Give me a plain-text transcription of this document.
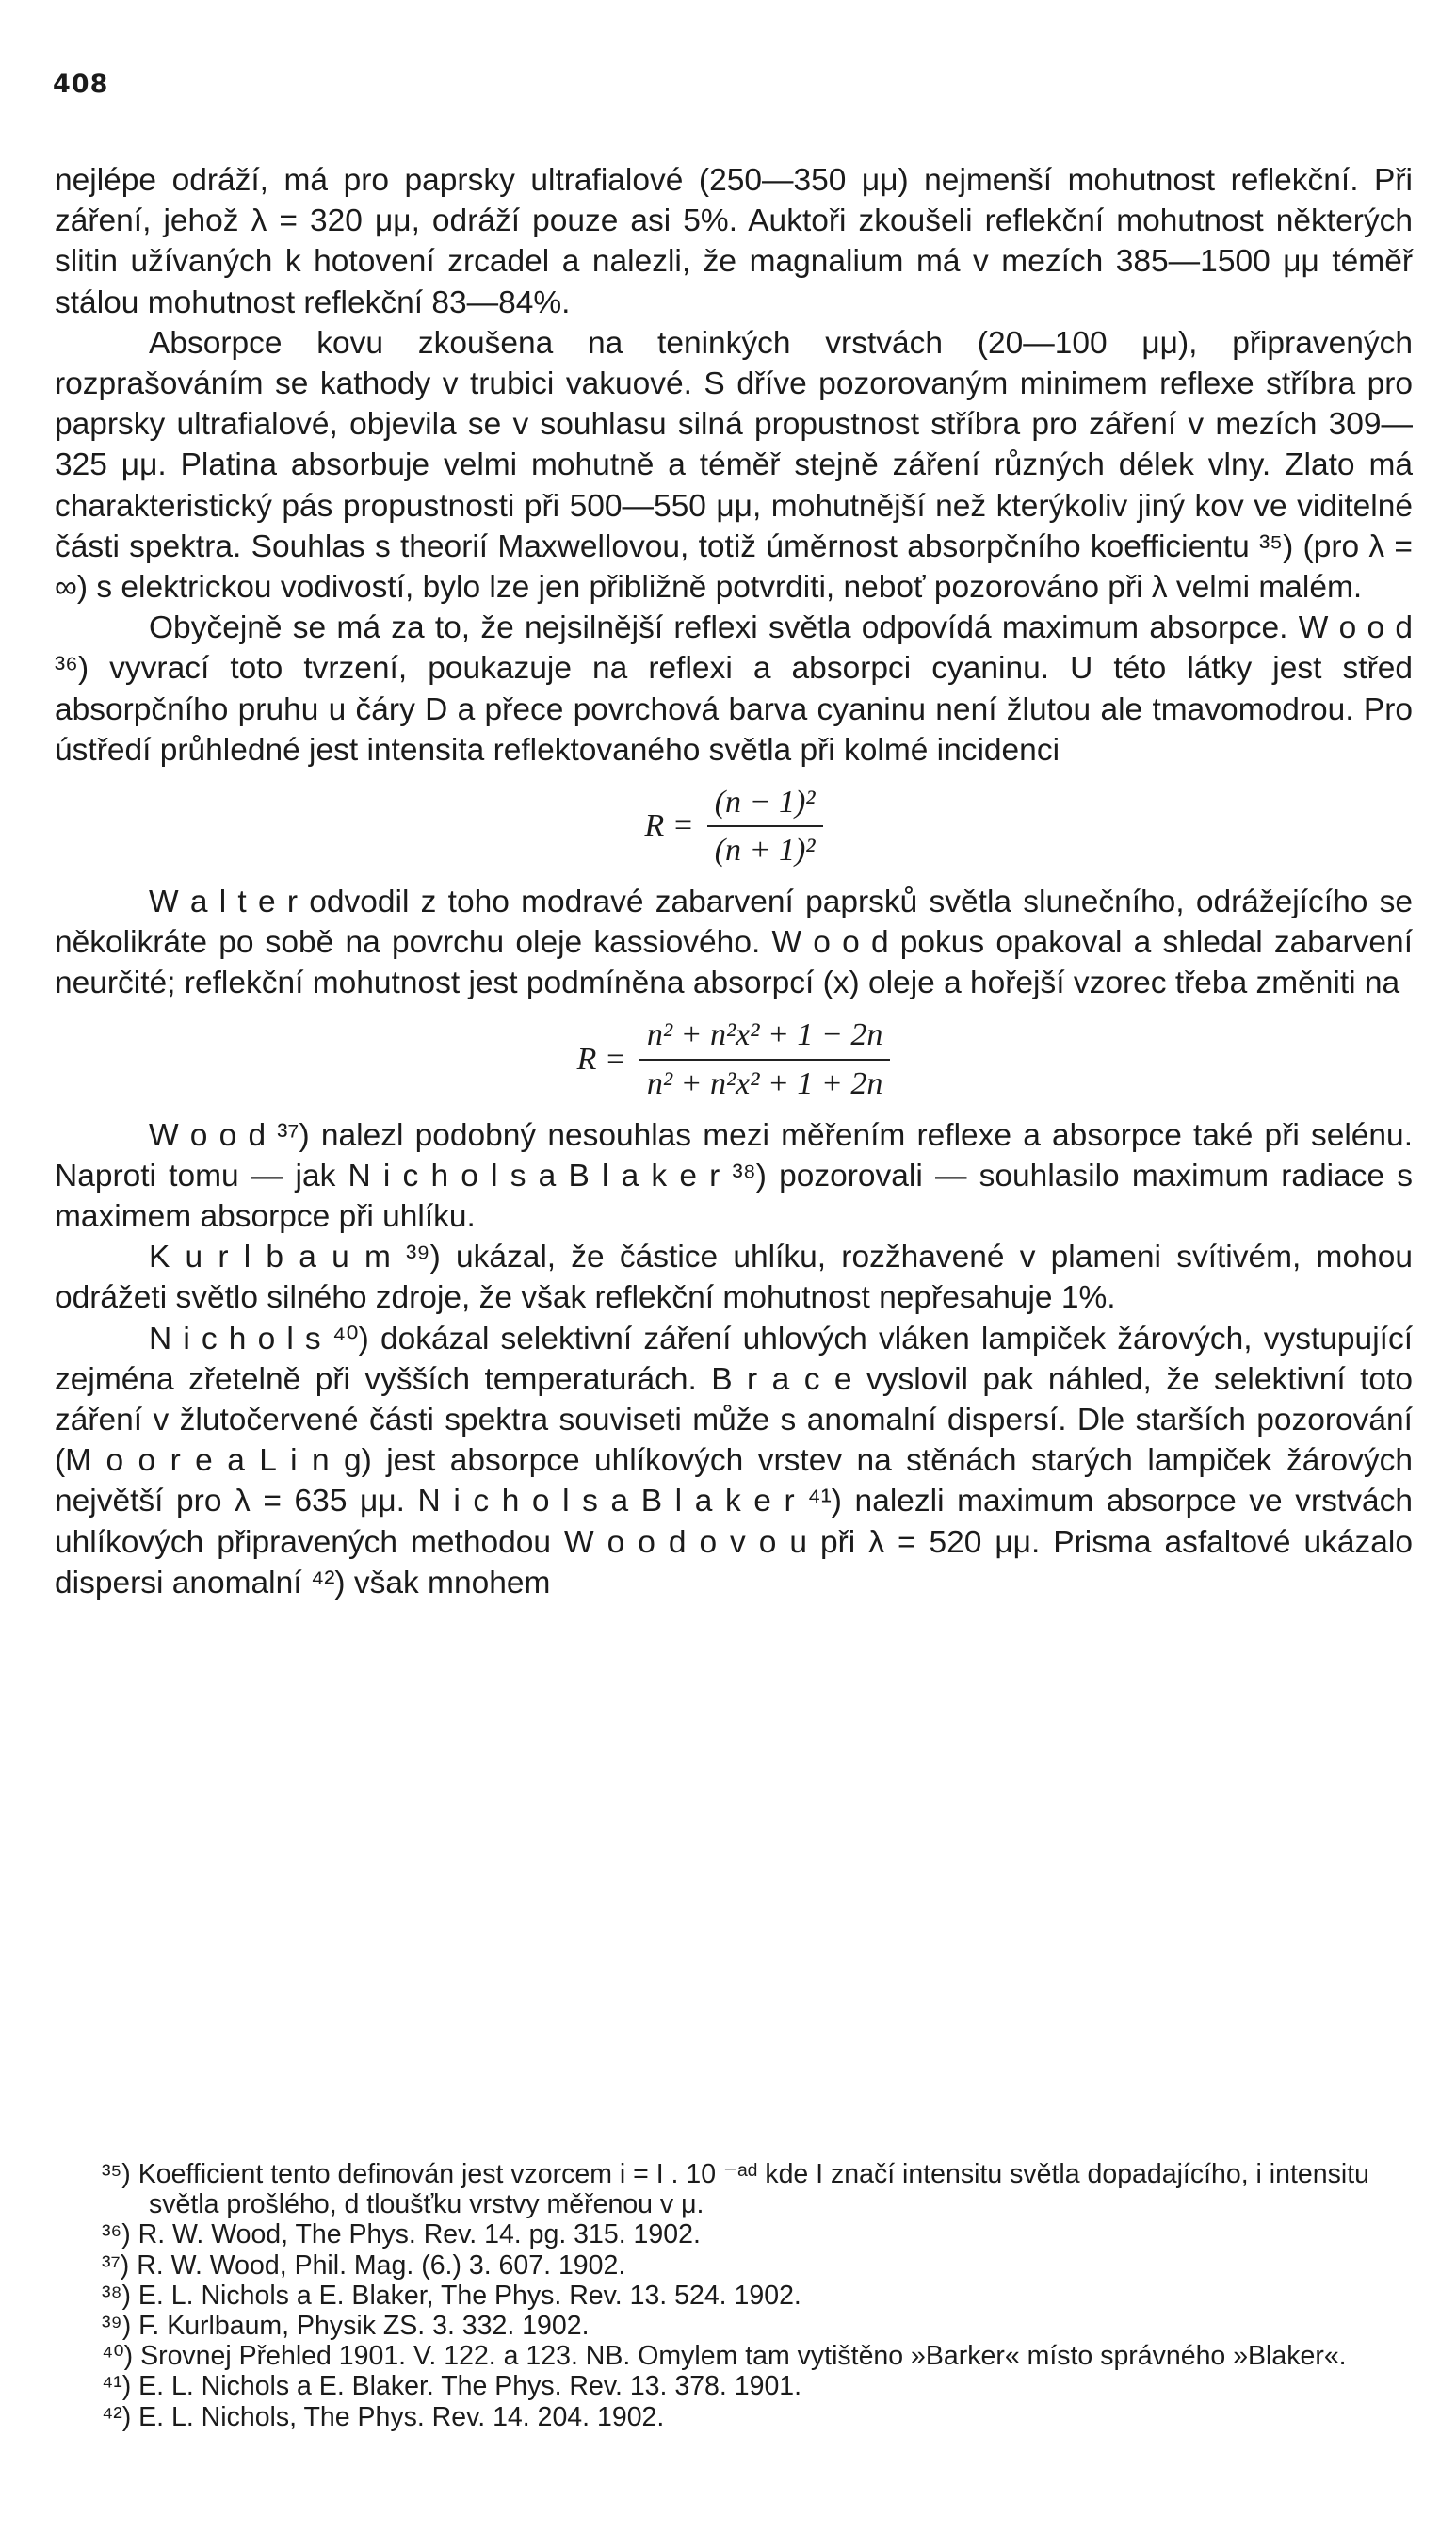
408

nejlépe odráží, má pro paprsky ultrafialové (250—350 μμ) nejmenší mohutnost reflekční. Při záření, jehož λ = 320 μμ, odráží pouze asi 5%. Auktoři zkoušeli reflekční mohutnost některých slitin užívaných k hotovení zrcadel a nalezli, že magnalium má v mezích 385—1500 μμ téměř stálou mohutnost reflekční 83—84%.

Absorpce kovu zkoušena na teninkých vrstvách (20—100 μμ), připravených rozprašováním se kathody v trubici vakuové. S dříve pozorovaným minimem reflexe stříbra pro paprsky ultrafialové, objevila se v souhlasu silná propustnost stříbra pro záření v mezích 309—325 μμ. Platina absorbuje velmi mohutně a téměř stejně záření různých délek vlny. Zlato má charakteristický pás propustnosti při 500—550 μμ, mohutnější než kterýkoliv jiný kov ve viditelné části spektra. Souhlas s theorií Maxwellovou, totiž úměrnost absorpčního koefficientu ³⁵) (pro λ = ∞) s elektrickou vodivostí, bylo lze jen přibližně potvrditi, neboť pozorováno při λ velmi malém.

Obyčejně se má za to, že nejsilnější reflexi světla odpovídá maximum absorpce. W o o d ³⁶) vyvrací toto tvrzení, poukazuje na reflexi a absorpci cyaninu. U této látky jest střed absorpčního pruhu u čáry D a přece povrchová barva cyaninu není žlutou ale tmavomodrou. Pro ústředí průhledné jest intensita reflektovaného světla při kolmé incidenci

$R = \frac{\text{(n − 1)²}}{\text{(n + 1)²}}$

W a l t e r odvodil z toho modravé zabarvení paprsků světla slunečního, odrážejícího se několikráte po sobě na povrchu oleje kassiového. W o o d pokus opakoval a shledal zabarvení neurčité; reflekční mohutnost jest podmíněna absorpcí (x) oleje a hořejší vzorec třeba změniti na

$R = \frac{\text{n² + n²x² + 1 − 2n}}{\text{n² + n²x² + 1 + 2n}}$

W o o d ³⁷) nalezl podobný nesouhlas mezi měřením reflexe a absorpce také při selénu. Naproti tomu — jak N i c h o l s a B l a k e r ³⁸) pozorovali — souhlasilo maximum radiace s maximem absorpce při uhlíku.

K u r l b a u m ³⁹) ukázal, že částice uhlíku, rozžhavené v plameni svítivém, mohou odrážeti světlo silného zdroje, že však reflekční mohutnost nepřesahuje 1%.

N i c h o l s ⁴⁰) dokázal selektivní záření uhlových vláken lampiček žárových, vystupující zejména zřetelně při vyšších temperaturách. B r a c e vyslovil pak náhled, že selektivní toto záření v žlutočervené části spektra souviseti může s anomalní dispersí. Dle starších pozorování (M o o r e a L i n g) jest absorpce uhlíkových vrstev na stěnách starých lampiček žárových největší pro λ = 635 μμ. N i c h o l s a B l a k e r ⁴¹) nalezli maximum absorpce ve vrstvách uhlíkových připravených methodou W o o d o v o u při λ = 520 μμ. Prisma asfaltové ukázalo dispersi anomalní ⁴²) však mnohem

³⁵) Koefficient tento definován jest vzorcem i = I . 10 ⁻ᵃᵈ kde I značí intensitu světla dopadajícího, i intensitu světla prošlého, d tloušťku vrstvy měřenou v μ.

³⁶) R. W. Wood, The Phys. Rev. 14. pg. 315. 1902.

³⁷) R. W. Wood, Phil. Mag. (6.) 3. 607. 1902.

³⁸) E. L. Nichols a E. Blaker, The Phys. Rev. 13. 524. 1902.

³⁹) F. Kurlbaum, Physik ZS. 3. 332. 1902.

⁴⁰) Srovnej Přehled 1901. V. 122. a 123. NB. Omylem tam vytištěno »Barker« místo správného »Blaker«.

⁴¹) E. L. Nichols a E. Blaker. The Phys. Rev. 13. 378. 1901.

⁴²) E. L. Nichols, The Phys. Rev. 14. 204. 1902.
